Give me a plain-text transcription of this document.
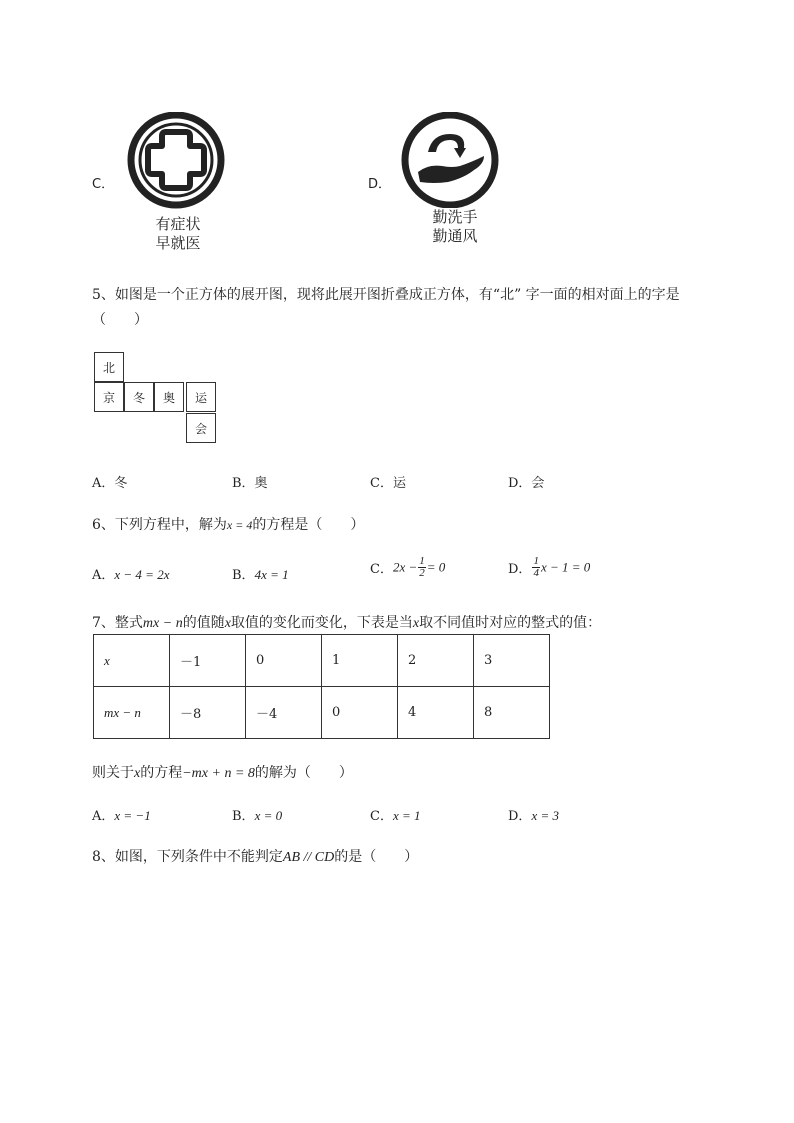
C．
有症状
早就医
D．
勤洗手
勤通风
5、如图是一个正方体的展开图，现将此展开图折叠成正方体，有“北” 字一面的相对面上的字是
（　　）
北
京	冬	奥	运
会
A．冬	B．奥	C．运	D．会
6、下列方程中，解为x = 4的方程是（　　）
A．x − 4 = 2x	B．4x = 1	C．$2x - \frac{1}{2} = 0$	D． $\frac{1}{4}$ x − 1 = 0
7、整式mx − n的值随x取值的变化而变化，下表是当x取不同值时对应的整式的值：
x	－1	0	1	2	3
mx − n	－8	－4	0	4	8
则关于x的方程−mx + n = 8的解为（　　）
A．x = −1	B．x = 0	C．x = 1	D．x = 3
8、如图，下列条件中不能判定AB // CD的是（　　）
